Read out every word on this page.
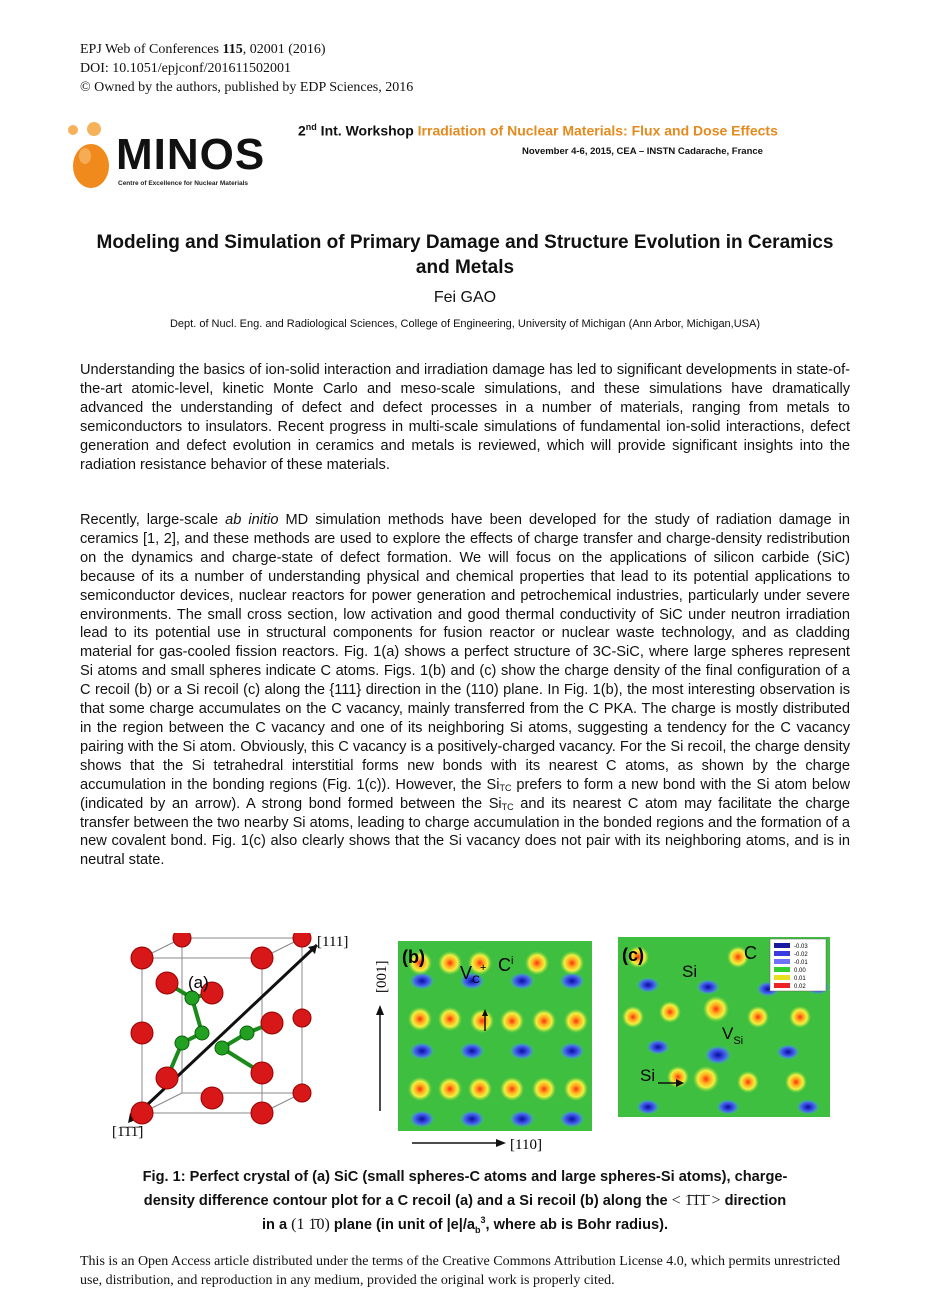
EPJ Web of Conferences 115, 02001 (2016)
DOI: 10.1051/epjconf/201611502001
© Owned by the authors, published by EDP Sciences, 2016
MINOS
Centre of Excellence for Nuclear Materials
2nd Int. Workshop Irradiation of Nuclear Materials: Flux and Dose Effects
November 4-6, 2015, CEA – INSTN Cadarache, France
Modeling and Simulation of Primary Damage and Structure Evolution in Ceramics and Metals
Fei GAO
Dept. of Nucl. Eng. and Radiological Sciences, College of Engineering, University of Michigan (Ann Arbor, Michigan,USA)

Understanding the basics of ion-solid interaction and irradiation damage has led to significant developments in state-of-the-art atomic-level, kinetic Monte Carlo and meso-scale simulations, and these simulations have dramatically advanced the understanding of defect and defect processes in a number of materials, ranging from metals to semiconductors to insulators. Recent progress in multi-scale simulations of fundamental ion-solid interactions, defect generation and defect evolution in ceramics and metals is reviewed, which will provide significant insights into the radiation resistance behavior of these materials.

Recently, large-scale ab initio MD simulation methods have been developed for the study of radiation damage in ceramics [1, 2], and these methods are used to explore the effects of charge transfer and charge-density redistribution on the dynamics and charge-state of defect formation. We will focus on the applications of silicon carbide (SiC) because of its a number of understanding physical and chemical properties that lead to its potential applications to semiconductor devices, nuclear reactors for power generation and petrochemical industries, particularly under severe environments. The small cross section, low activation and good thermal conductivity of SiC under neutron irradiation lead to its potential use in structural components for fusion reactor or nuclear waste technology, and as cladding material for gas-cooled fission reactors. Fig. 1(a) shows a perfect structure of 3C-SiC, where large spheres represent Si atoms and small spheres indicate C atoms. Figs. 1(b) and (c) show the charge density of the final configuration of a C recoil (b) or a Si recoil (c) along the {111} direction in the (110) plane. In Fig. 1(b), the most interesting observation is that some charge accumulates on the C vacancy, mainly transferred from the C PKA. The charge is mostly distributed in the region between the C vacancy and one of its neighboring Si atoms, suggesting a tendency for the C vacancy pairing with the Si atom. Obviously, this C vacancy is a positively-charged vacancy. For the Si recoil, the charge density shows that the Si tetrahedral interstitial forms new bonds with its nearest C atoms, as shown by the charge accumulation in the bonding regions (Fig. 1(c)). However, the $Si_{TC}$ prefers to form a new bond with the Si atom below (indicated by an arrow). A strong bond formed between the $Si_{TC}$ and its nearest C atom may facilitate the charge transfer between the two nearby Si atoms, leading to charge accumulation in the bonded regions and the formation of a new covalent bond. Fig. 1(c) also clearly shows that the Si vacancy does not pair with its neighboring atoms, and is in neutral state.

(a)
[111]
[1̄1̄1̄]
[001]
[110]
(b)
$V_C^+$ $C^i$	(c)
Si
C
$V_{Si}$
Si
-0.03
-0.02
-0.01
0.00
0.01
0.02
Fig. 1: Perfect crystal of (a) SiC (small spheres-C atoms and large spheres-Si atoms), charge-
density difference contour plot for a C recoil (a) and a Si recoil (b) along the < 1̄1̄1̄ > direction
in a (1 1̄0) plane (in unit of $|e|/a_b^3$, where ab is Bohr radius).
This is an Open Access article distributed under the terms of the Creative Commons Attribution License 4.0, which permits unrestricted use, distribution, and reproduction in any medium, provided the original work is properly cited.
